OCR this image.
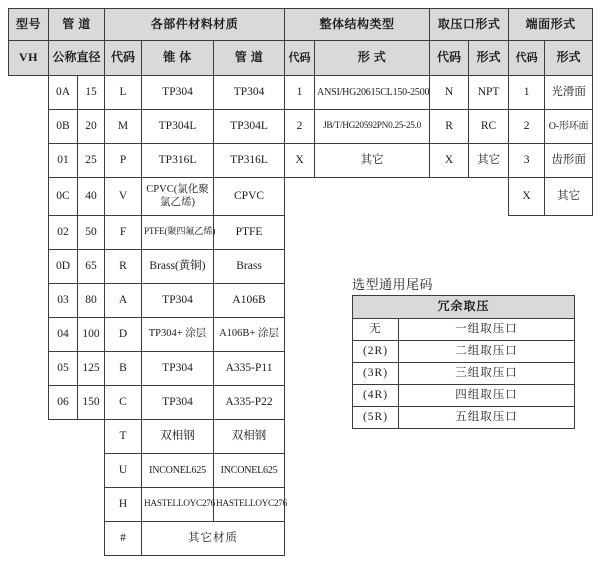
型号	管 道		各部件材料材质			整体结构类型		取压口形式		端面形式	
VH	公称直径		代码	锥 体	管 道	代码	形 式	代码	形式	代码	形式
	0A	15	L	TP304	TP304	1	ANSI/HG20615CL150-2500	N	NPT	1	光滑面
	0B	20	M	TP304L	TP304L	2	JB/T/HG20592PN0.25-25.0	R	RC	2	O-形环面
	01	25	P	TP316L	TP316L	X	其它	X	其它	3	齿形面
	0C	40	V	CPVC(氯化聚氯乙烯)	CPVC					X	其它
	02	50	F	PTFE(聚四氟乙烯)	PTFE						
	0D	65	R	Brass(黄铜)	Brass						
	03	80	A	TP304	A106B						
	04	100	D	TP304+ 涂层	A106B+ 涂层						
	05	125	B	TP304	A335-P11						
	06	150	C	TP304	A335-P22						
			T	双相钢	双相钢						
			U	INCONEL625	INCONEL625						
			H	HASTELLOYC276	HASTELLOYC276						
			#	其它材质							
选型通用尾码
冗余取压	
无	一组取压口
(2R)	二组取压口
(3R)	三组取压口
(4R)	四组取压口
(5R)	五组取压口
